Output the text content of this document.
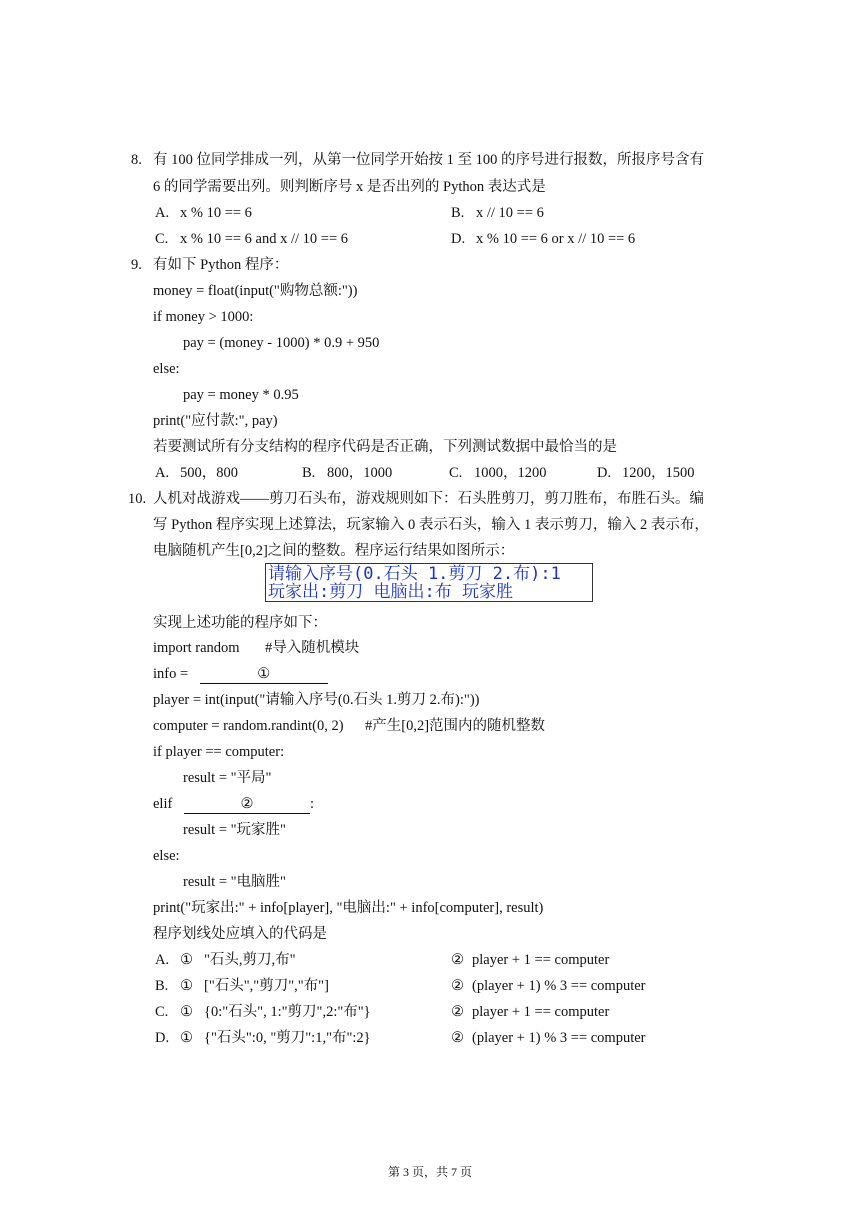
8. 有 100 位同学排成一列，从第一位同学开始按 1 至 100 的序号进行报数，所报序号含有
6 的同学需要出列。则判断序号 x 是否出列的 Python 表达式是
A. x % 10 == 6	B. x // 10 == 6
C. x % 10 == 6 and x // 10 == 6	D. x % 10 == 6 or x // 10 == 6
9. 有如下 Python 程序：
money = float(input("购物总额:"))
if money > 1000:
pay = (money - 1000) * 0.9 + 950
else:
pay = money * 0.95
print("应付款:", pay)
若要测试所有分支结构的程序代码是否正确，下列测试数据中最恰当的是
A. 500，800	B. 800，1000	C. 1000，1200	D. 1200，1500
10. 人机对战游戏——剪刀石头布，游戏规则如下：石头胜剪刀，剪刀胜布，布胜石头。编
写 Python 程序实现上述算法，玩家输入 0 表示石头，输入 1 表示剪刀，输入 2 表示布，
电脑随机产生[0,2]之间的整数。程序运行结果如图所示：
请输入序号(0.石头 1.剪刀 2.布):1
玩家出:剪刀 电脑出:布 玩家胜
实现上述功能的程序如下：
import random #导入随机模块
info =	①
player = int(input("请输入序号(0.石头 1.剪刀 2.布):"))
computer = random.randint(0, 2) #产生[0,2]范围内的随机整数
if player == computer:
result = "平局"
elif	②	:
result = "玩家胜"
else:
result = "电脑胜"
print("玩家出:" + info[player], "电脑出:" + info[computer], result)
程序划线处应填入的代码是
A. ① "石头,剪刀,布"	② player + 1 == computer
B. ① ["石头","剪刀","布"]	② (player + 1) % 3 == computer
C. ① {0:"石头", 1:"剪刀",2:"布"}	② player + 1 == computer
D. ① {"石头":0, "剪刀":1,"布":2}	② (player + 1) % 3 == computer
第 3 页，共 7 页
